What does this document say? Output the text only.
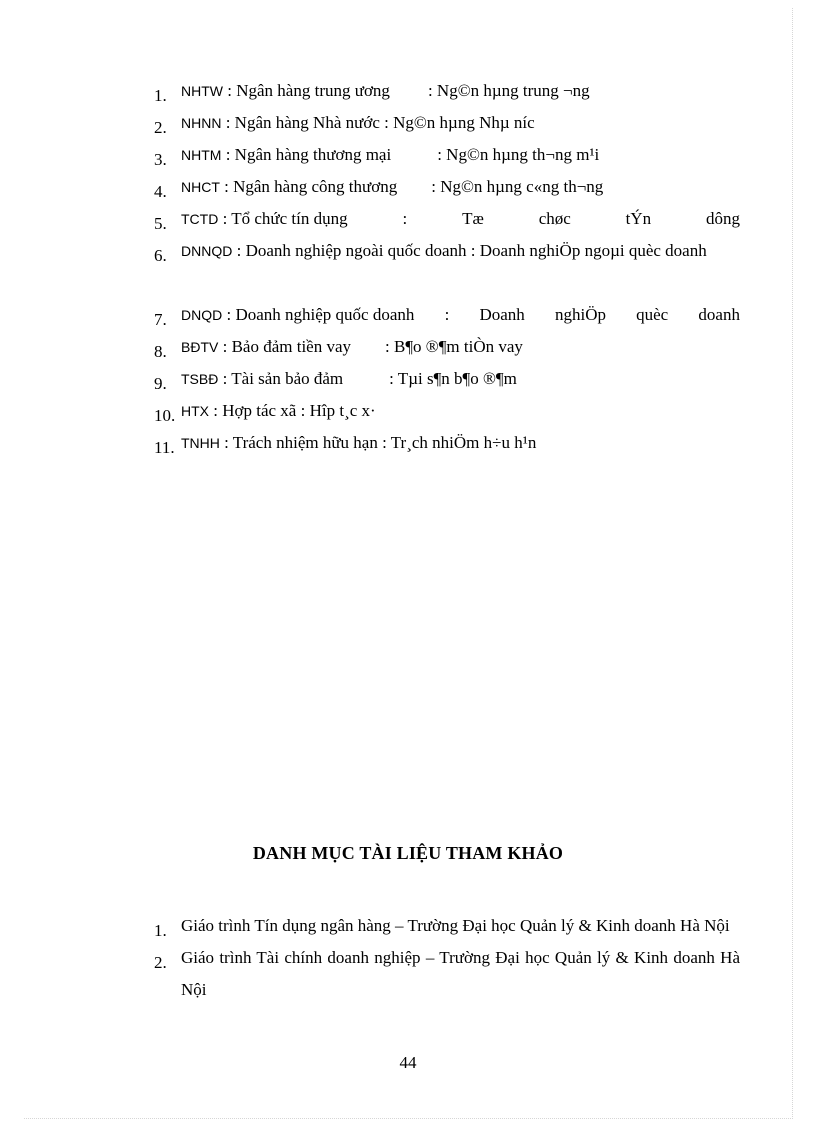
1.	NHTW : Ngân hàng trung ương : Ng©n hµng trung ¬ng
2.	NHNN : Ngân hàng Nhà nước : Ng©n hµng Nhµ níc
3.	NHTM : Ngân hàng thương mại	: Ng©n hµng th¬ng m¹i
4.	NHCT : Ngân hàng công thương : Ng©n hµng c«ng th¬ng
5.	TCTD : Tổ chức tín dụng	:	Tæ	chøc	tÝn	dông
6.	DNNQD : Doanh nghiệp ngoài quốc doanh : Doanh nghiÖp ngoµi quèc doanh
7.	DNQD : Doanh nghiệp quốc doanh : Doanh nghiÖp quèc doanh
8.	BĐTV : Bảo đảm tiền vay : B¶o ®¶m tiÒn vay
9.	TSBĐ : Tài sản bảo đảm	: Tµi s¶n b¶o ®¶m
10. HTX : Hợp tác xã : Hîp t¸c x·
11. TNHH : Trách nhiệm hữu hạn : Tr¸ch nhiÖm h÷u h¹n
DANH MỤC TÀI LIỆU THAM KHẢO
1. Giáo trình Tín dụng ngân hàng – Trường Đại học Quản lý & Kinh doanh Hà Nội
2. Giáo trình Tài chính doanh nghiệp – Trường Đại học Quản lý & Kinh doanh Hà Nội
44
